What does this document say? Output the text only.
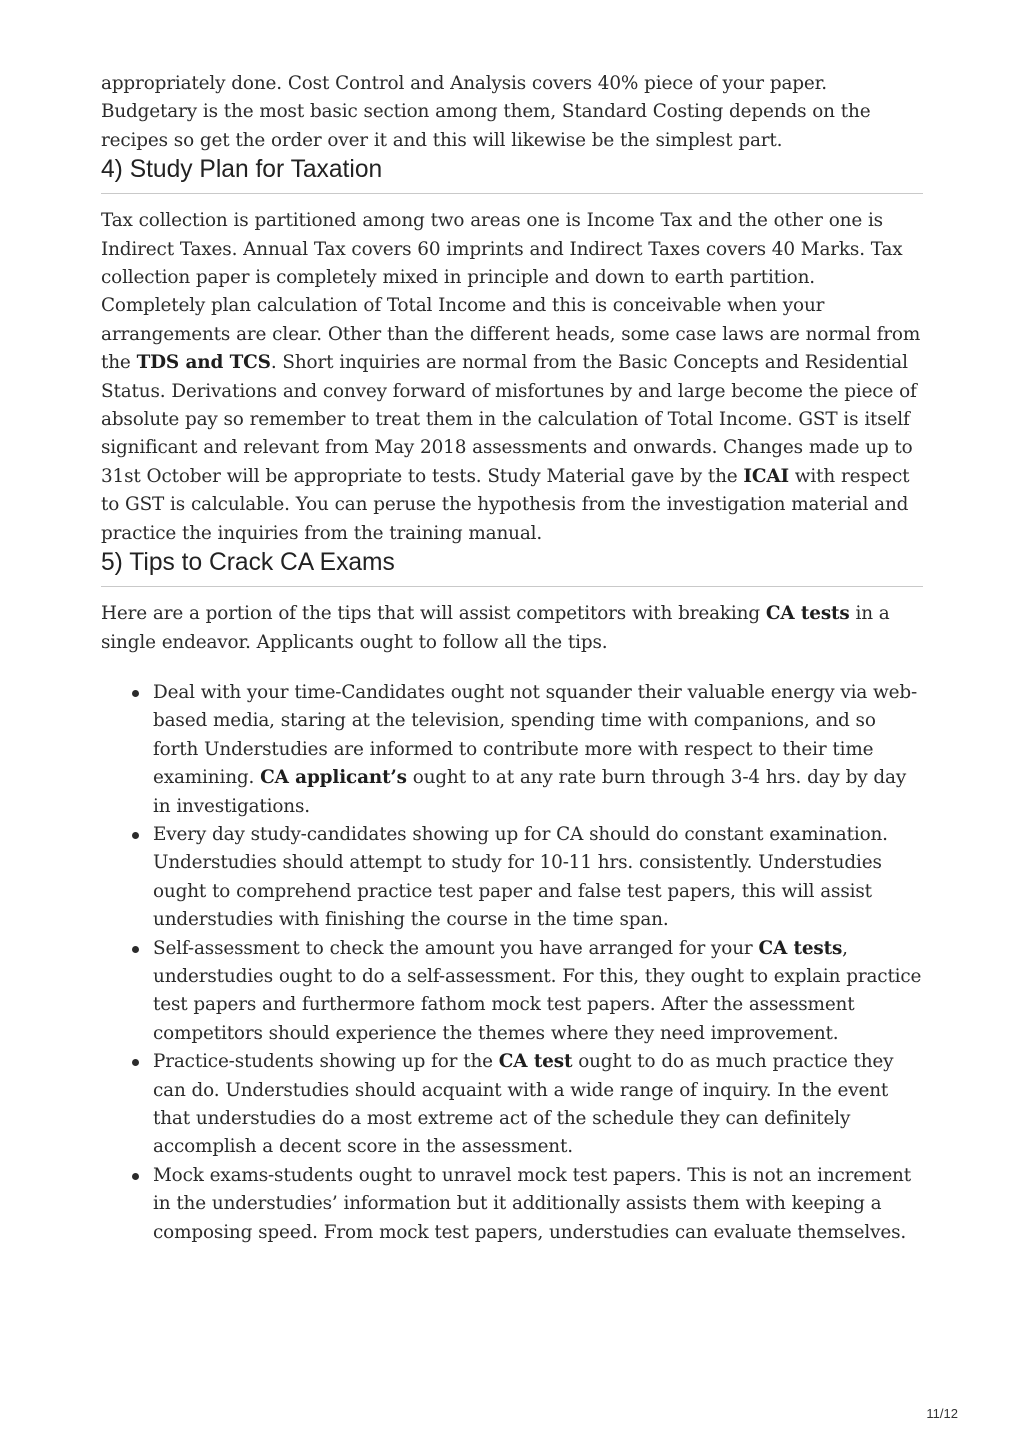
appropriately done. Cost Control and Analysis covers 40% piece of your paper. Budgetary is the most basic section among them, Standard Costing depends on the recipes so get the order over it and this will likewise be the simplest part.

4) Study Plan for Taxation

Tax collection is partitioned among two areas one is Income Tax and the other one is Indirect Taxes. Annual Tax covers 60 imprints and Indirect Taxes covers 40 Marks. Tax collection paper is completely mixed in principle and down to earth partition. Completely plan calculation of Total Income and this is conceivable when your arrangements are clear. Other than the different heads, some case laws are normal from the TDS and TCS. Short inquiries are normal from the Basic Concepts and Residential Status. Derivations and convey forward of misfortunes by and large become the piece of absolute pay so remember to treat them in the calculation of Total Income. GST is itself significant and relevant from May 2018 assessments and onwards. Changes made up to 31st October will be appropriate to tests. Study Material gave by the ICAI with respect to GST is calculable. You can peruse the hypothesis from the investigation material and practice the inquiries from the training manual.

5) Tips to Crack CA Exams

Here are a portion of the tips that will assist competitors with breaking CA tests in a single endeavor. Applicants ought to follow all the tips.

Deal with your time-Candidates ought not squander their valuable energy via web-based media, staring at the television, spending time with companions, and so forth Understudies are informed to contribute more with respect to their time examining. CA applicant’s ought to at any rate burn through 3-4 hrs. day by day in investigations.
Every day study-candidates showing up for CA should do constant examination. Understudies should attempt to study for 10-11 hrs. consistently. Understudies ought to comprehend practice test paper and false test papers, this will assist understudies with finishing the course in the time span.
Self-assessment to check the amount you have arranged for your CA tests, understudies ought to do a self-assessment. For this, they ought to explain practice test papers and furthermore fathom mock test papers. After the assessment competitors should experience the themes where they need improvement.
Practice-students showing up for the CA test ought to do as much practice they can do. Understudies should acquaint with a wide range of inquiry. In the event that understudies do a most extreme act of the schedule they can definitely accomplish a decent score in the assessment.
Mock exams-students ought to unravel mock test papers. This is not an increment in the understudies’ information but it additionally assists them with keeping a composing speed. From mock test papers, understudies can evaluate themselves.
11/12
